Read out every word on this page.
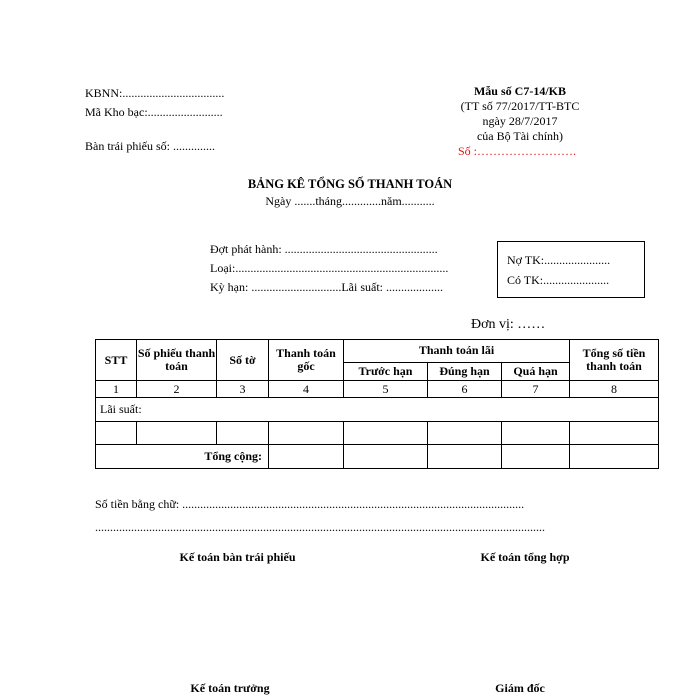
KBNN:..................................
Mã Kho bạc:.........................
Bàn trái phiếu số: ..............
Mẫu số C7-14/KB
(TT số 77/2017/TT-BTC
ngày 28/7/2017
của Bộ Tài chính)
Số :…………………….
BẢNG KÊ TỔNG SỐ THANH TOÁN
Ngày .......tháng.............năm...........
Đợt phát hành: ...................................................
Loại:.......................................................................
Kỳ hạn: ..............................Lãi suất: ...................
Nợ TK:......................
Có TK:......................
Đơn vị: ……
STT	Số phiếu thanh toán	Số tờ	Thanh toán gốc	Thanh toán lãi			Tổng số tiền thanh toán
				Trước hạn	Đúng hạn	Quá hạn	
1	2	3	4	5	6	7	8
Lãi suất:							

Tổng cộng:							
Số tiền bằng chữ: ..................................................................................................................
......................................................................................................................................................
Kế toán bàn trái phiếu	Kế toán tổng hợp
Kế toán trưởng	Giám đốc
